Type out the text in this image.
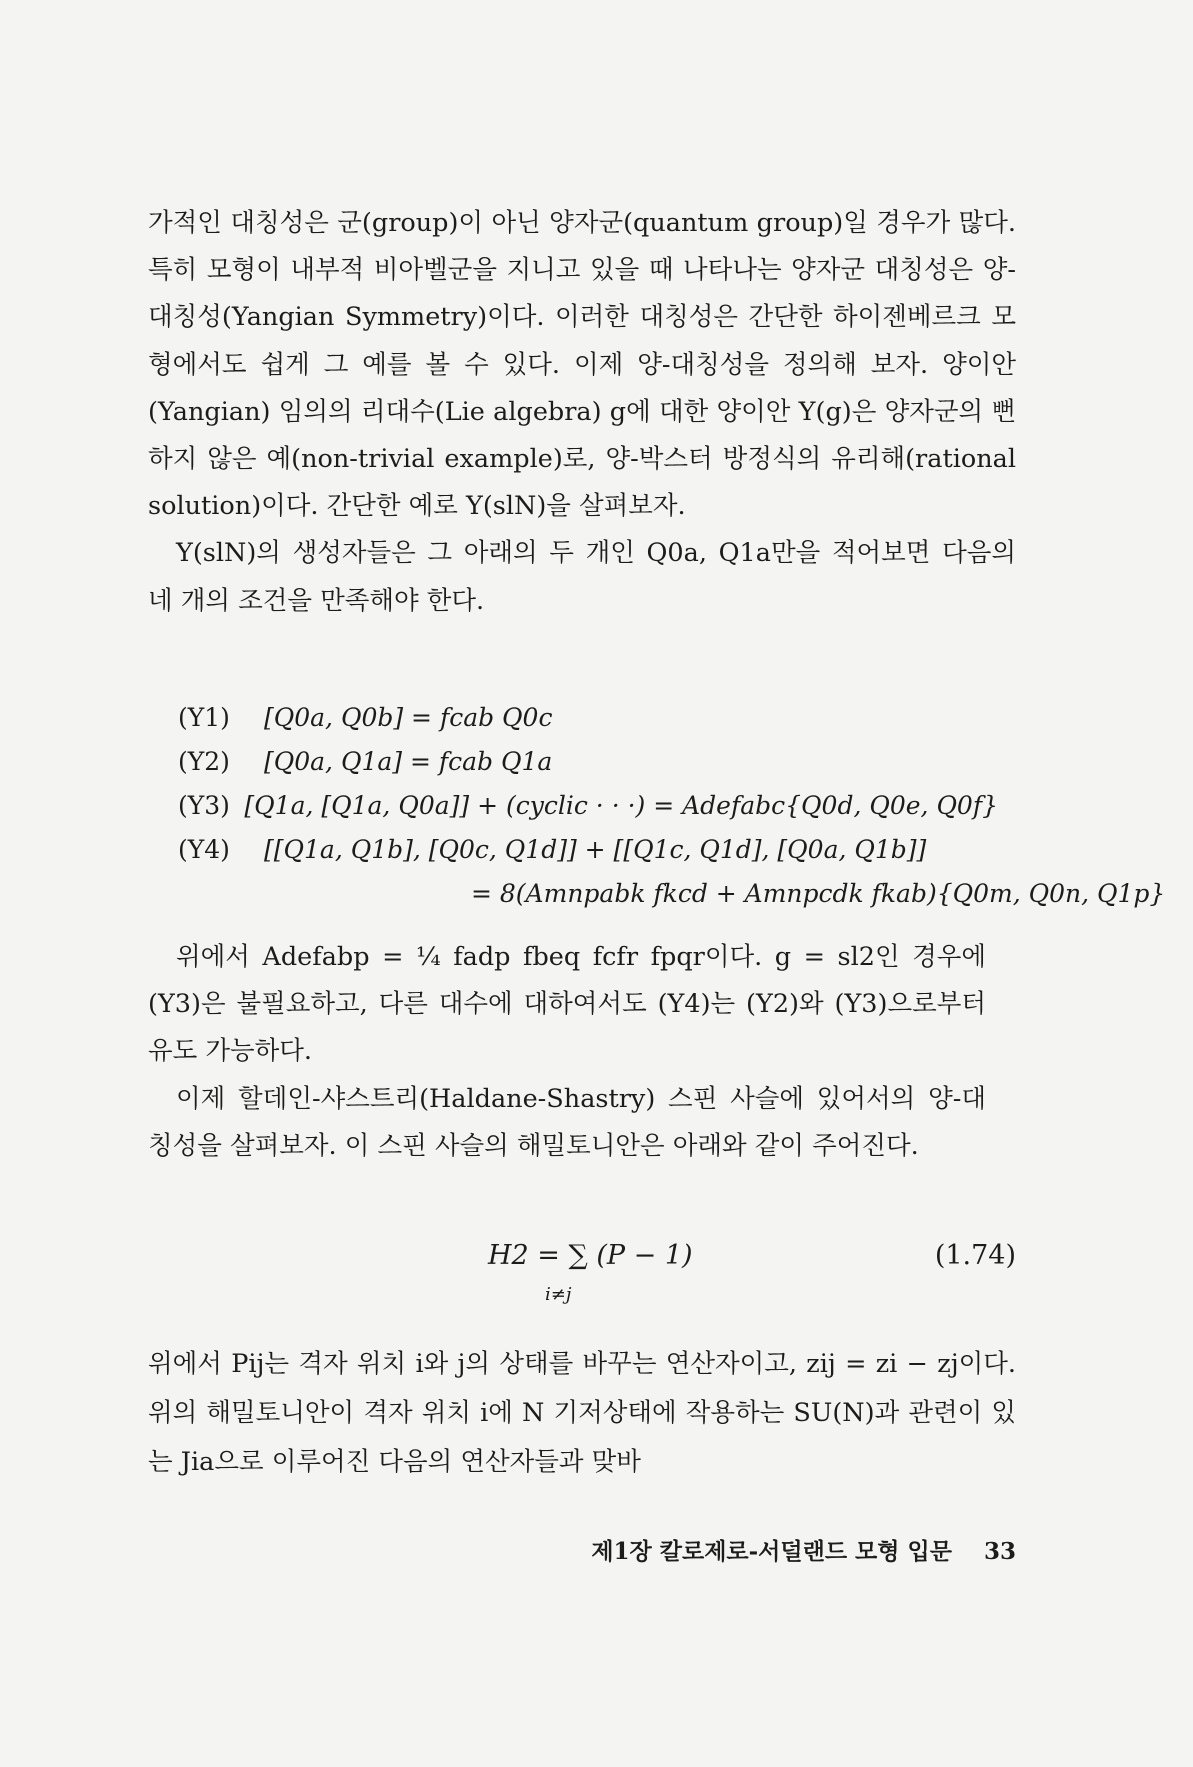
가적인 대칭성은 군(group)이 아닌 양자군(quantum group)일 경우가 많다. 특히 모형이 내부적 비아벨군을 지니고 있을 때 나타나는 양자군 대칭성은 양-대칭성(Yangian Symmetry)이다. 이러한 대칭성은 간단한 하이젠베르크 모형에서도 쉽게 그 예를 볼 수 있다. 이제 양-대칭성을 정의해 보자. 양이안(Yangian) 임의의 리대수(Lie algebra) g에 대한 양이안 Y(g)은 양자군의 뻔하지 않은 예(non-trivial example)로, 양-박스터 방정식의 유리해(rational solution)이다. 간단한 예로 Y(slN)을 살펴보자.

Y(slN)의 생성자들은 그 아래의 두 개인 Q0a, Q1a만을 적어보면 다음의 네 개의 조건을 만족해야 한다.

(Y1)	[Q0a, Q0b] = fcab Q0c
(Y2)	[Q0a, Q1a] = fcab Q1a
(Y3) [Q1a, [Q1a, Q0a]] + (cyclic · · ·) = Adefabc{Q0d, Q0e, Q0f}
(Y4)	[[Q1a, Q1b], [Q0c, Q1d]] + [[Q1c, Q1d], [Q0a, Q1b]]
= 8(Amnpabk fkcd + Amnpcdk fkab){Q0m, Q0n, Q1p}

위에서 Adefabp = ¼ fadp fbeq fcfr fpqr이다. g = sl2인 경우에 (Y3)은 불필요하고, 다른 대수에 대하여서도 (Y4)는 (Y2)와 (Y3)으로부터 유도 가능하다.

이제 할데인-샤스트리(Haldane-Shastry) 스핀 사슬에 있어서의 양-대칭성을 살펴보자. 이 스핀 사슬의 해밀토니안은 아래와 같이 주어진다.

H2 = ∑ (P − 1)
i≠j
(1.74)

위에서 Pij는 격자 위치 i와 j의 상태를 바꾸는 연산자이고, zij = zi − zj이다. 위의 해밀토니안이 격자 위치 i에 N 기저상태에 작용하는 SU(N)과 관련이 있는 Jia으로 이루어진 다음의 연산자들과 맞바

제1장 칼로제로-서덜랜드 모형 입문 33
